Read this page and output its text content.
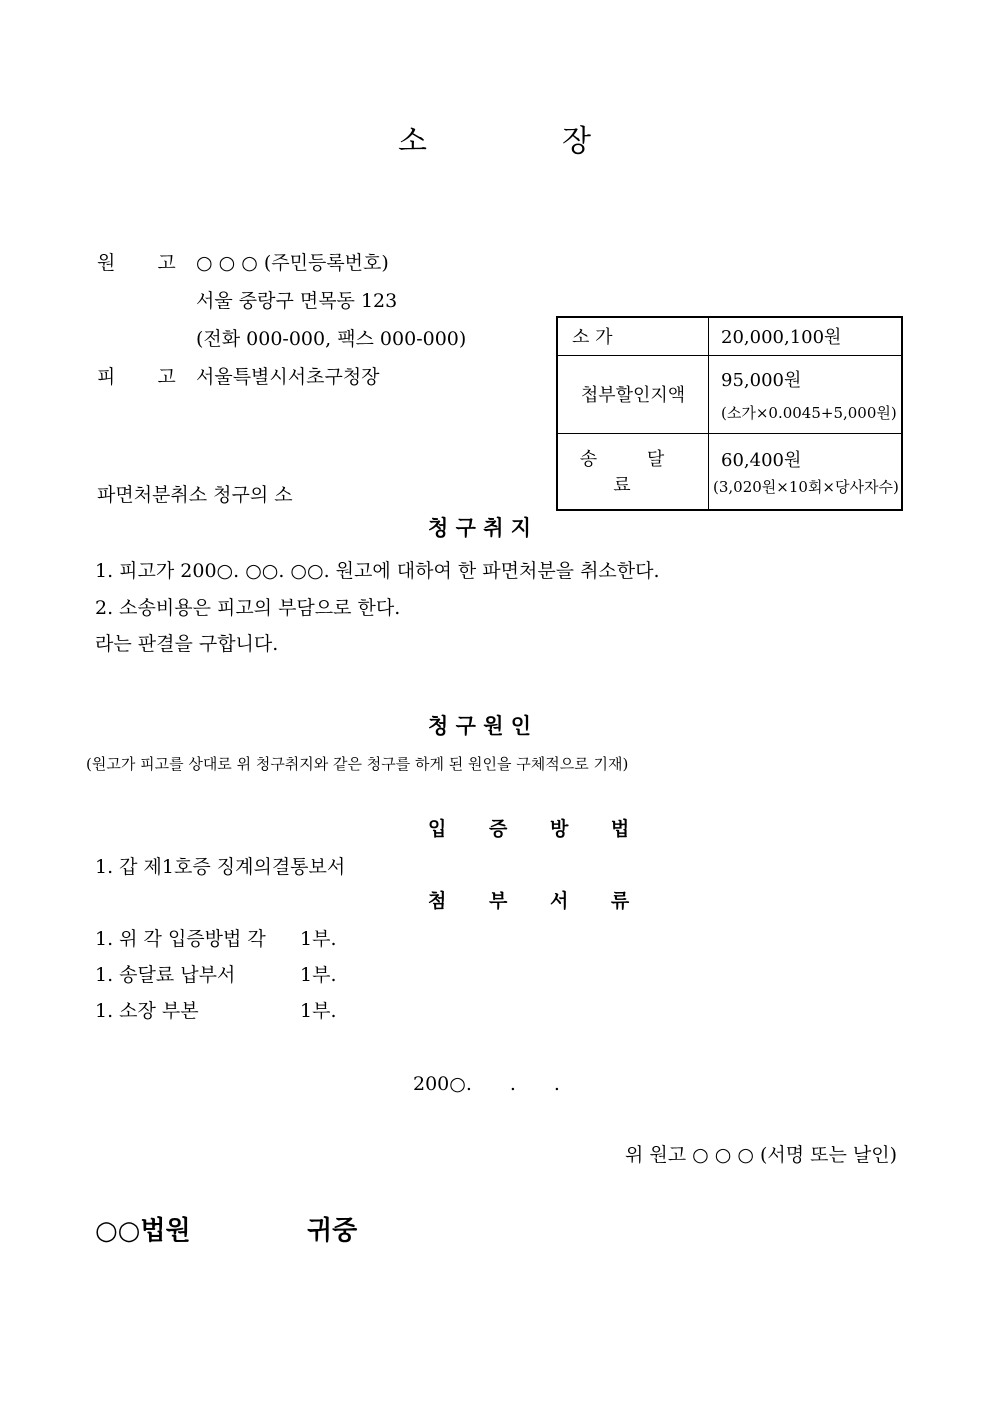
소	장
원 고 ○ ○ ○ (주민등록번호)
서울 중랑구 면목동 123
(전화 000-000, 팩스 000-000)
피 고 서울특별시서초구청장
소 가	20,000,100원
첩부할인지액	95,000원
(소가×0.0045+5,000원)

송 달 료	60,400원
(3,020원×10회×당사자수)
파면처분취소 청구의 소
청 구 취 지
1. 피고가 200○. ○○. ○○. 원고에 대하여 한 파면처분을 취소한다.
2. 소송비용은 피고의 부담으로 한다.
라는 판결을 구합니다.
청 구 원 인
(원고가 피고를 상대로 위 청구취지와 같은 청구를 하게 된 원인을 구체적으로 기재)
입 증 방 법
1. 갑 제1호증 징계의결통보서
첨 부 서 류
1. 위 각 입증방법 각 1부.
1. 송달료 납부서	1부.
1. 소장 부본	1부.
200○.　　.　　.
위 원고 ○ ○ ○ (서명 또는 날인)
○○법원	귀중
